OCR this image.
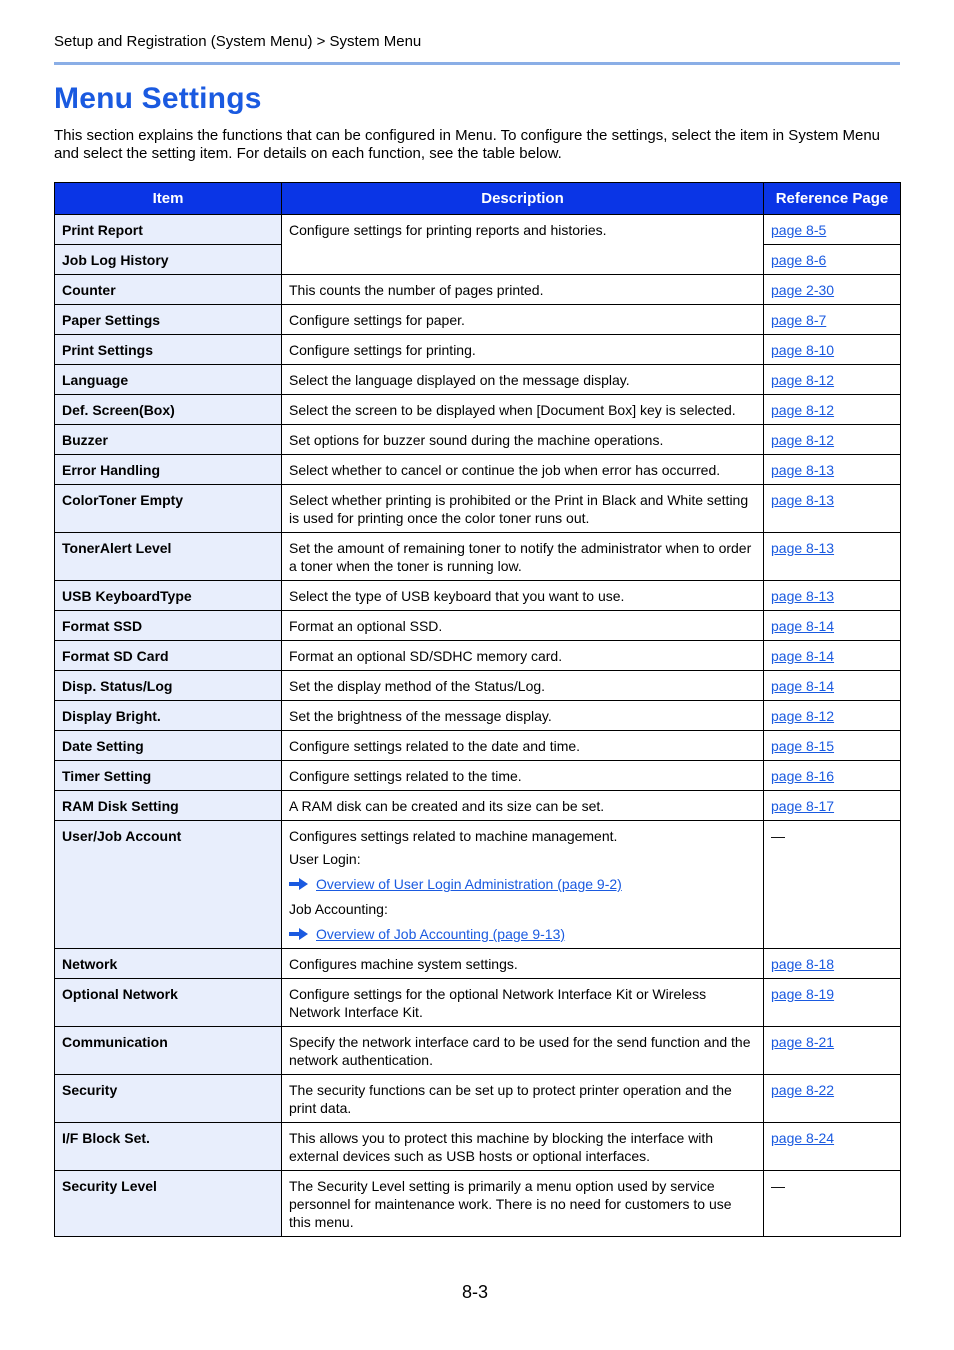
Setup and Registration (System Menu) > System Menu
Menu Settings

This section explains the functions that can be configured in Menu. To configure the settings, select the item in System Menu and select the setting item. For details on each function, see the table below.

Item	Description	Reference Page
Print Report	Configure settings for printing reports and histories.	page 8-5
Job Log History		page 8-6
Counter	This counts the number of pages printed.	page 2-30
Paper Settings	Configure settings for paper.	page 8-7
Print Settings	Configure settings for printing.	page 8-10
Language	Select the language displayed on the message display.	page 8-12
Def. Screen(Box)	Select the screen to be displayed when [Document Box] key is selected.	page 8-12
Buzzer	Set options for buzzer sound during the machine operations.	page 8-12
Error Handling	Select whether to cancel or continue the job when error has occurred.	page 8-13
ColorToner Empty	Select whether printing is prohibited or the Print in Black and White setting is used for printing once the color toner runs out.	page 8-13
TonerAlert Level	Set the amount of remaining toner to notify the administrator when to order a toner when the toner is running low.	page 8-13
USB KeyboardType	Select the type of USB keyboard that you want to use.	page 8-13
Format SSD	Format an optional SSD.	page 8-14
Format SD Card	Format an optional SD/SDHC memory card.	page 8-14
Disp. Status/Log	Set the display method of the Status/Log.	page 8-14
Display Bright.	Set the brightness of the message display.	page 8-12
Date Setting	Configure settings related to the date and time.	page 8-15
Timer Setting	Configure settings related to the time.	page 8-16
RAM Disk Setting	A RAM disk can be created and its size can be set.	page 8-17
User/Job Account	Configures settings related to machine management.
User Login:
Overview of User Login Administration (page 9-2)
Job Accounting:
Overview of Job Accounting (page 9-13)	—
Network	Configures machine system settings.	page 8-18
Optional Network	Configure settings for the optional Network Interface Kit or Wireless Network Interface Kit.	page 8-19
Communication	Specify the network interface card to be used for the send function and the network authentication.	page 8-21
Security	The security functions can be set up to protect printer operation and the print data.	page 8-22
I/F Block Set.	This allows you to protect this machine by blocking the interface with external devices such as USB hosts or optional interfaces.	page 8-24
Security Level	The Security Level setting is primarily a menu option used by service personnel for maintenance work. There is no need for customers to use this menu.	—
8-3
